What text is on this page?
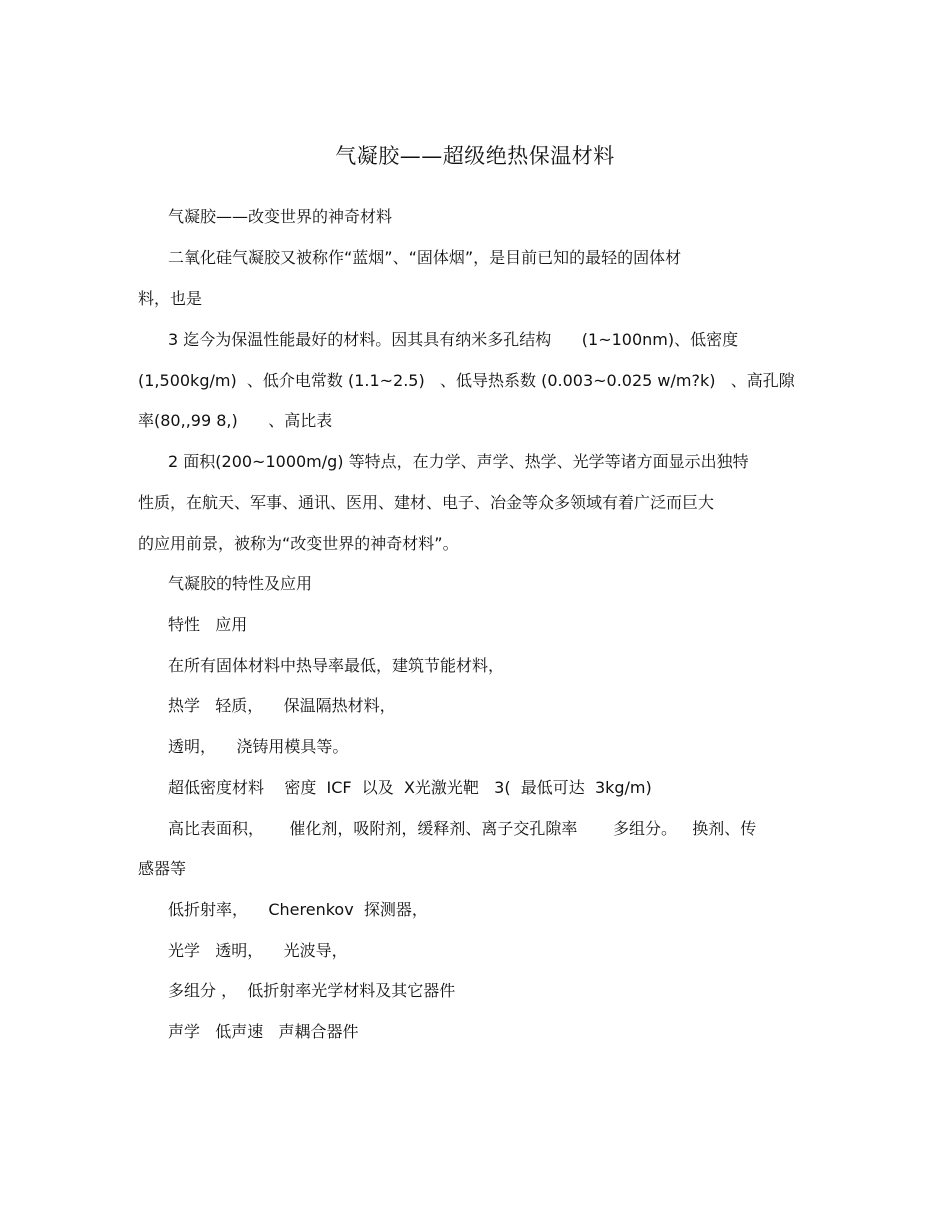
气凝胶——超级绝热保温材料
气凝胶——改变世界的神奇材料
二氧化硅气凝胶又被称作“蓝烟”、“固体烟”，是目前已知的最轻的固体材
料，也是
3 迄今为保温性能最好的材料。因其具有纳米多孔结构      (1~100nm)、低密度
(1,500kg/m)  、低介电常数 (1.1~2.5)   、低导热系数 (0.003~0.025 w/m?k)   、高孔隙
率(80,,99 8,)      、高比表
2 面积(200~1000m/g) 等特点，在力学、声学、热学、光学等诸方面显示出独特
性质，在航天、军事、通讯、医用、建材、电子、冶金等众多领域有着广泛而巨大
的应用前景，被称为“改变世界的神奇材料”。
气凝胶的特性及应用
特性   应用
在所有固体材料中热导率最低，建筑节能材料，
热学   轻质，    保温隔热材料，
透明，    浇铸用模具等。
超低密度材料    密度  ICF  以及  X光激光靶   3(  最低可达  3kg/m)
高比表面积，     催化剂，吸附剂，缓释剂、离子交孔隙率       多组分。   换剂、传
感器等
低折射率，    Cherenkov  探测器，
光学   透明，    光波导，
多组分 ，  低折射率光学材料及其它器件
声学   低声速   声耦合器件
